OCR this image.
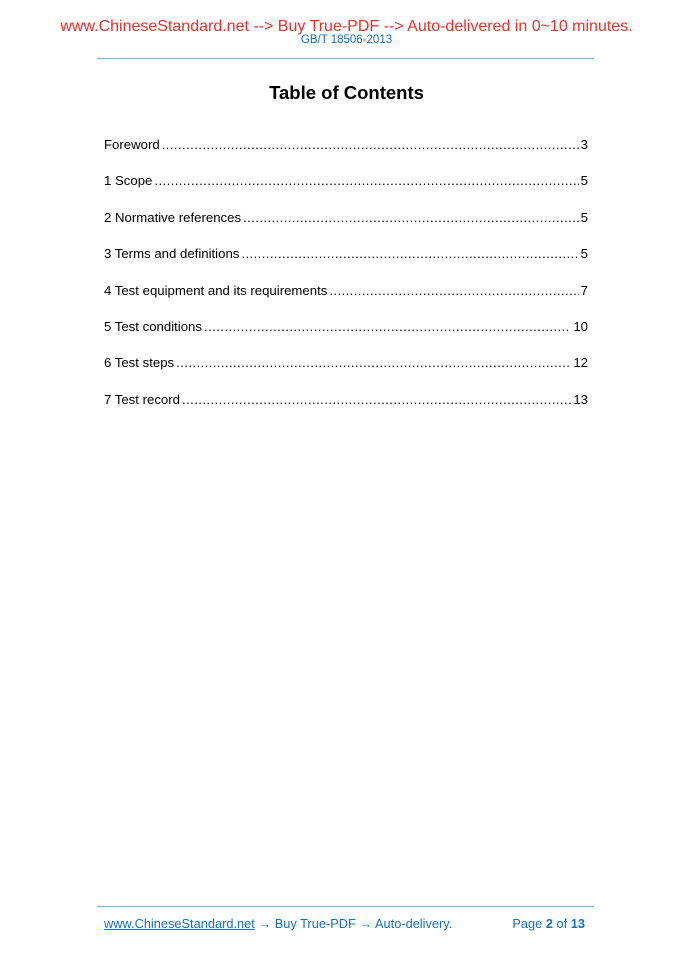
www.ChineseStandard.net --> Buy True-PDF --> Auto-delivered in 0~10 minutes.
GB/T 18506-2013
Table of Contents
Foreword .....	3
1 Scope .....	5
2 Normative references .....	5
3 Terms and definitions .....	5
4 Test equipment and its requirements .....	7
5 Test conditions .....	10
6 Test steps .....	12
7 Test record .....	13
www.ChineseStandard.net → Buy True-PDF → Auto-delivery.	Page 2 of 13
